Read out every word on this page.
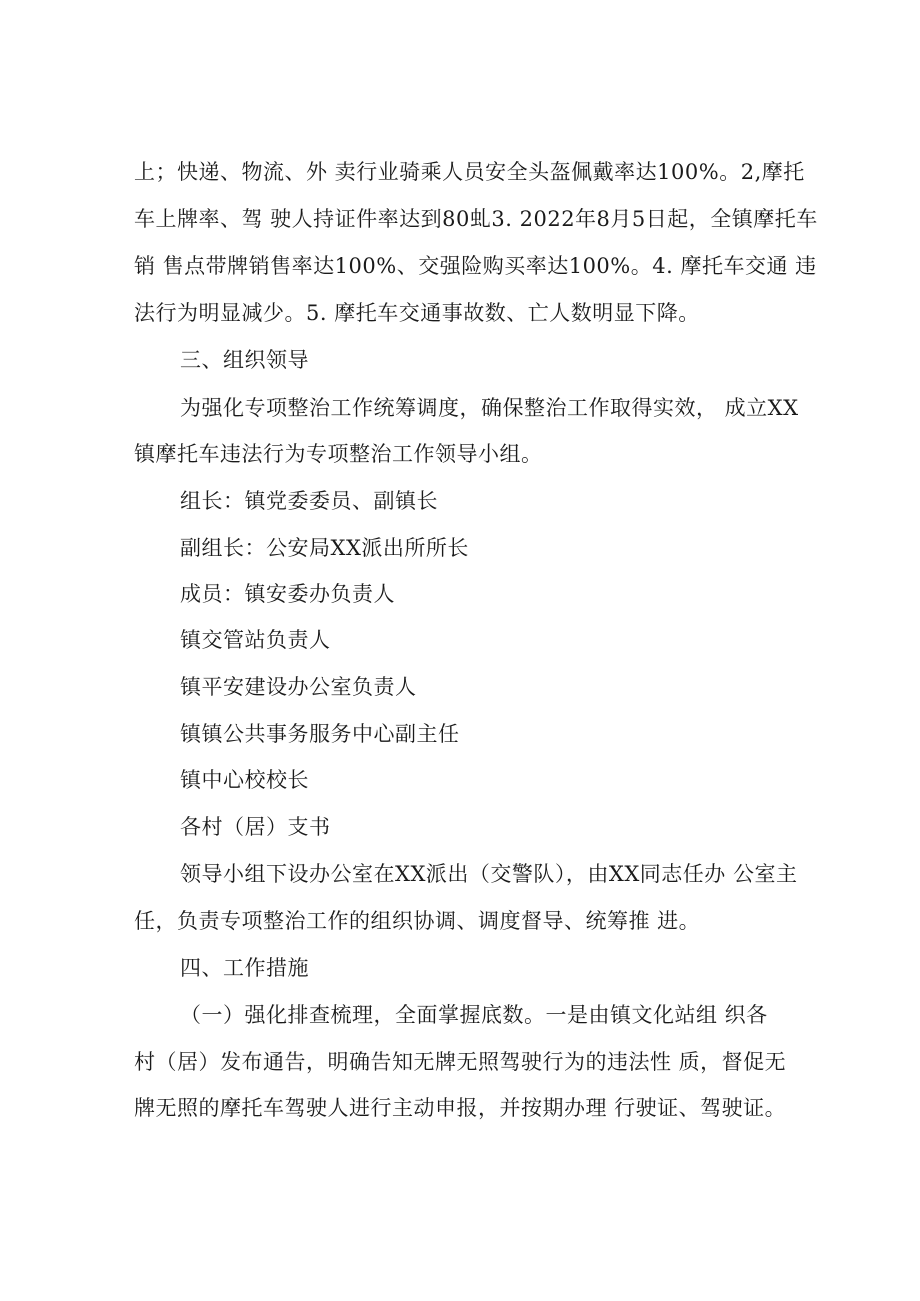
上；快递、物流、外 卖行业骑乘人员安全头盔佩戴率达100%。2,摩托
车上牌率、驾 驶人持证件率达到80虬3. 2022年8月5日起，全镇摩托车
销 售点带牌销售率达100%、交强险购买率达100%。4. 摩托车交通 违
法行为明显减少。5. 摩托车交通事故数、亡人数明显下降。
三、组织领导
为强化专项整治工作统筹调度，确保整治工作取得实效， 成立XX
镇摩托车违法行为专项整治工作领导小组。
组长：镇党委委员、副镇长
副组长：公安局XX派出所所长
成员：镇安委办负责人
镇交管站负责人
镇平安建设办公室负责人
镇镇公共事务服务中心副主任
镇中心校校长
各村（居）支书
领导小组下设办公室在XX派出（交警队），由XX同志任办 公室主
任，负责专项整治工作的组织协调、调度督导、统筹推 进。
四、工作措施
（一）强化排查梳理，全面掌握底数。一是由镇文化站组 织各
村（居）发布通告，明确告知无牌无照驾驶行为的违法性 质，督促无
牌无照的摩托车驾驶人进行主动申报，并按期办理 行驶证、驾驶证。
